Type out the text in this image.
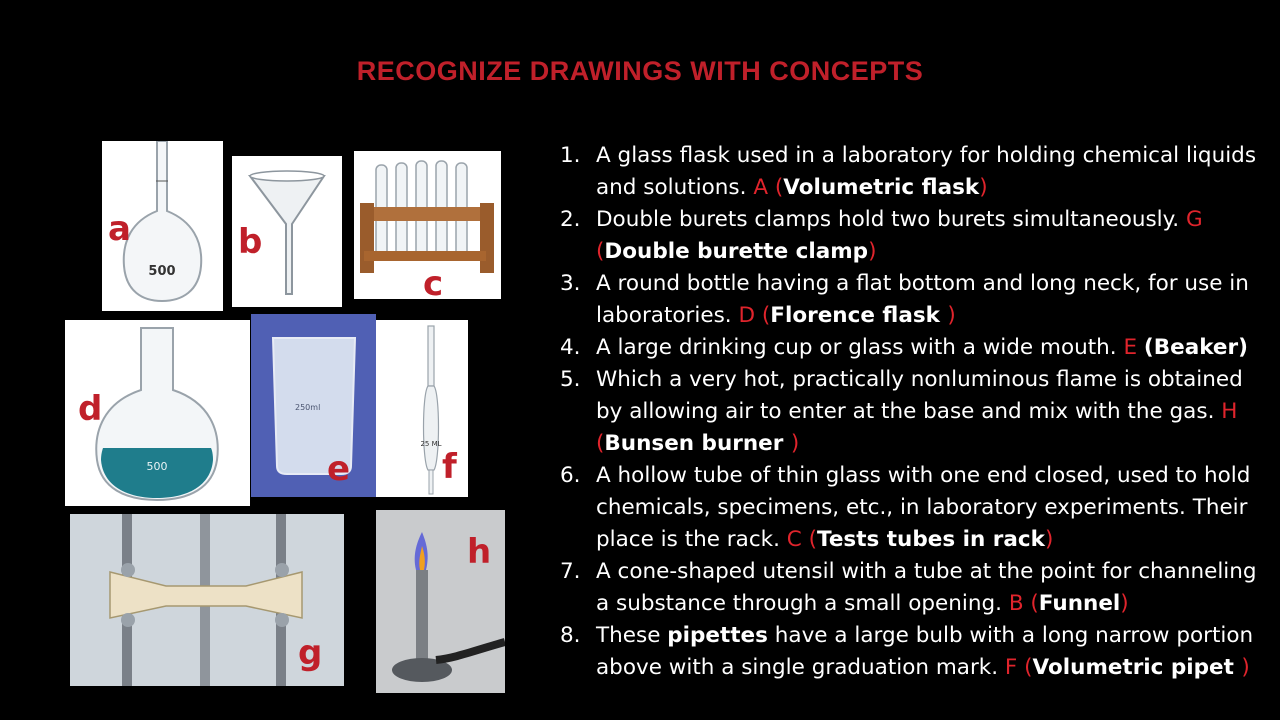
RECOGNIZE DRAWINGS WITH CONCEPTS
500
a	b
c
500
d	250ml
e
25 ML
f
g
h
1. A glass flask used in a laboratory for holding chemical liquids and solutions. A (Volumetric flask)
2. Double burets clamps hold two burets simultaneously. G (Double burette clamp)
3. A round bottle having a flat bottom and long neck, for use in laboratories. D (Florence flask )
4. A large drinking cup or glass with a wide mouth. E (Beaker)
5. Which a very hot, practically nonluminous flame is obtained by allowing air to enter at the base and mix with the gas. H (Bunsen burner )
6. A hollow tube of thin glass with one end closed, used to hold chemicals, specimens, etc., in laboratory experiments. Their place is the rack. C (Tests tubes in rack)
7. A cone-shaped utensil with a tube at the point for channeling a substance through a small opening. B (Funnel)
8. These pipettes have a large bulb with a long narrow portion above with a single graduation mark. F (Volumetric pipet )
